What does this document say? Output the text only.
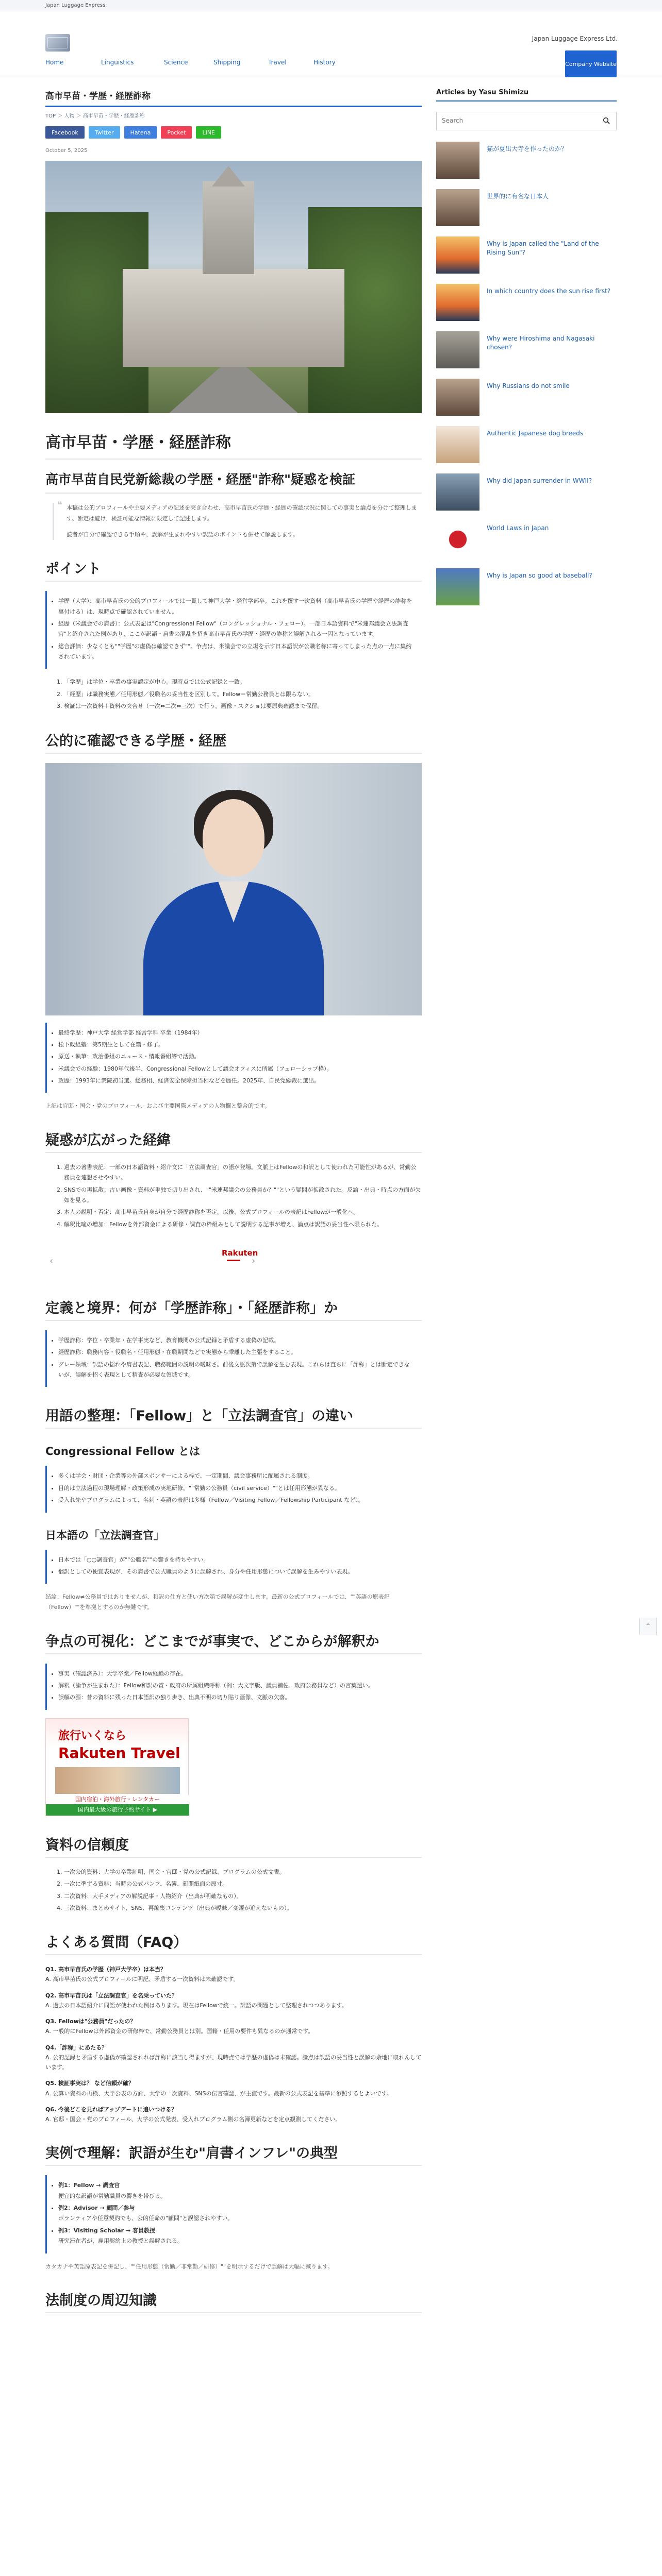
Japan Luggage Express
Japan Luggage Express Ltd.
Home	Linguistics	Science	Shipping	Travel	History	Company Website
高市早苗・学歴・経歴詐称
TOP ＞ 人物 ＞ 高市早苗・学歴・経歴詐称
Facebook	Twitter	Hatena	Pocket	LINE
October 5, 2025
高市早苗・学歴・経歴詐称
高市早苗自民党新総裁の学歴・経歴"詐称"疑惑を検証
❝ 本稿は公的プロフィールや主要メディアの記述を突き合わせ、高市早苗氏の学歴・経歴の確認状況に関しての事実と論点を分けて整理します。断定は避け、検証可能な情報に限定して記述します。

読者が自分で確認できる手順や、誤解が生まれやすい訳語のポイントも併せて解説します。

ポイント
• 学歴（大学）：高市早苗氏の公的プロフィールでは一貫して神戸大学・経営学部卒。これを覆す一次資料（高市早苗氏の学歴や経歴の詐称を裏付ける）は、現時点で確認されていません。
• 経歴（米議会での肩書）：公式表記は"Congressional Fellow"（コングレッショナル・フェロー）。一部日本語資料で"米連邦議会立法調査官"と紹介された例があり、ここが訳語・肩書の混乱を招き高市早苗氏の学歴・経歴の詐称と誤解される一因となっています。
• 総合評価：少なくとも""学歴"の虚偽は確認できず""。争点は、米議会での立場を示す日本語訳が公職名称に寄ってしまった点の一点に集約されています。
1. 「学歴」は学位・卒業の事実認定が中心。現時点では公式記録と一致。
2. 「経歴」は職務実態／任用形態／役職名の妥当性を区別して。Fellow＝常勤公務員とは限らない。
3. 検証は一次資料＋資料の突合せ（一次⇔二次⇔三次）で行う。画像・スクショは要原典確認まで保留。
公的に確認できる学歴・経歴
• 最終学歴：神戸大学 経営学部 経営学科 卒業（1984年）
• 松下政経塾：第5期生として在籍・修了。
• 原送・執筆：政治番組のニュース・情報番組等で活動。
• 米議会での経験：1980年代後半、Congressional Fellowとして議会オフィスに所属（フェローシップ枠）。
• 政歴：1993年に衆院初当選。総務相、経済安全保障担当相などを歴任。2025年、自民党総裁に選出。

上記は官邸・国会・党のプロフィール、および主要国際メディアの人物欄と整合的です。

疑惑が広がった経緯
1. 過去の著書表記：一部の日本語資料・紹介文に「立法調査官」の語が登場。文脈上はFellowの和訳として使われた可能性があるが、常勤公務員を連想させやすい。
2. SNSでの再拡散：古い画像・資料が単独で切り出され、""米連邦議会の公務員か？""という疑問が拡散された。反論・出典・時点の方面が欠如を見る。
3. 本人の説明・否定：高市早苗氏自身が自分で経歴詐称を否定。以後、公式プロフィールの表記はFellowが一般化へ。
4. 解釈比喩の増加：Fellowを外部資金による研修・調査の枠組みとして説明する記事が増え、論点は訳語の妥当性へ限られた。
‹
Rakuten
›
定義と境界：何が「学歴詐称」・「経歴詐称」か
• 学歴詐称：学位・卒業年・在学事実など、教育機関の公式記録と矛盾する虚偽の記載。
• 経歴詐称：職務内容・役職名・任用形態・在職期間などで実態から乖離した主張をすること。
• グレー領域：訳語の揺れや肩書表記、職務範囲の説明の曖昧さ。前後文脈次第で誤解を生む表現。これらは直ちに「詐称」とは断定できないが、誤解を招く表現として精査が必要な領域です。
用語の整理：「Fellow」と「立法調査官」の違い
Congressional Fellow とは
• 多くは学会・財団・企業等の外部スポンサーによる枠で、一定期間、議会事務所に配属される制度。
• 目的は立法過程の現場理解・政策形成の実地研修。""常勤の公務員（civil service）""とは任用形態が異なる。
• 受入れ先やプログラムによって、名刺・英語の表記は多様（Fellow／Visiting Fellow／Fellowship Participant など）。
日本語の「立法調査官」
• 日本では「○○調査官」が""公職名""の響きを持ちやすい。
• 翻訳としての便宜表現が、その肩書で公式職員のように誤解され、身分や任用形態について誤解を生みやすい表現。

結論：Fellow≠公務員ではありませんが、和訳の仕方と使い方次第で誤解が変生します。最新の公式プロフィールでは、""英語の原表記（Fellow）""を準拠とするのが無難です。

争点の可視化：どこまでが事実で、どこからが解釈か
• 事実（確認済み）：大学卒業／Fellow経験の存在。
• 解釈（論争が生まれた）：Fellow和訳の賞・政府の所属組織呼称（例：大文字版、議員補佐、政府公務員など）の言葉遣い。
• 誤解の源：昔の資料に残った日本語訳の独り歩き、出典不明の切り貼り画像、文脈の欠落。
旅行いくなら
Rakuten Travel
国内宿泊・海外旅行・レンタカー
国内最大級の旅行予約サイト ▶
資料の信頼度
1. 一次公的資料：大学の卒業証明、国会・官邸・党の公式記録、プログラムの公式文書。
2. 一次に準ずる資料：当時の公式パンフ、名簿、新聞紙面の原寸。
3. 二次資料：大手メディアの解説記事・人物紹介（出典が明確なもの）。
4. 三次資料：まとめサイト、SNS、再編集コンテンツ（出典が曖昧／変遷が追えないもの）。
よくある質問（FAQ）
Q1. 高市早苗氏の学歴（神戸大学卒）は本当？
A. 高市早苗氏の公式プロフィールに明記、矛盾する一次資料は未確認です。
Q2. 高市早苗氏は「立法調査官」を名乗っていた？
A. 過去の日本語紹介に同語が使われた例はあります。現在はFellowで統一。訳語の問題として整理されつつあります。
Q3. Fellowは"公務員"だったの？
A. 一般的にFellowは外部資金の研修枠で、常勤公務員とは別。国籍・任用の要件も異なるのが通常です。
Q4.「詐称」にあたる？
A. 公的記録と矛盾する虚偽が確認されれば詐称に該当し得ますが、現時点では学歴の虚偽は未確認。論点は訳語の妥当性と誤解の余地に収れんしています。
Q5. 検証事実は？ など信頼が確？
A. 公算い資料の再検、大学公表の方針、大学の一次資料、SNSの伝言確認、が主流です。最新の公式表記を基準に参照するとよいです。
Q6. 今後どこを見ればアップデートに追いつける？
A. 官邸・国会・党のプロフィール、大学の公式発表、受入れプログラム側の名簿更新などを定点観測してください。
実例で理解：訳語が生む"肩書インフレ"の典型
• 例1：Fellow → 調査官
便宜的な訳語が常勤職員の響きを帯びる。
• 例2：Advisor → 顧問／参与
ボランティアや任意契約でも、公的任命の"顧問"と誤認されやすい。
• 例3：Visiting Scholar → 客員教授
研究滞在者が、雇用契約上の教授と誤解される。

カタカナや英語原表記を併記し、""任用形態（常勤／非常勤／研修）""を明示するだけで誤解は大幅に減ります。

法制度の周辺知識
Articles by Yasu Shimizu
Search
猫が夏出大寺を作ったのか？
世界的に有名な日本人
Why is Japan called the "Land of the Rising Sun"?
In which country does the sun rise first?
Why were Hiroshima and Nagasaki chosen?
Why Russians do not smile
Authentic Japanese dog breeds
Why did Japan surrender in WWII?
World Laws in Japan
Why is Japan so good at baseball?
⌃
